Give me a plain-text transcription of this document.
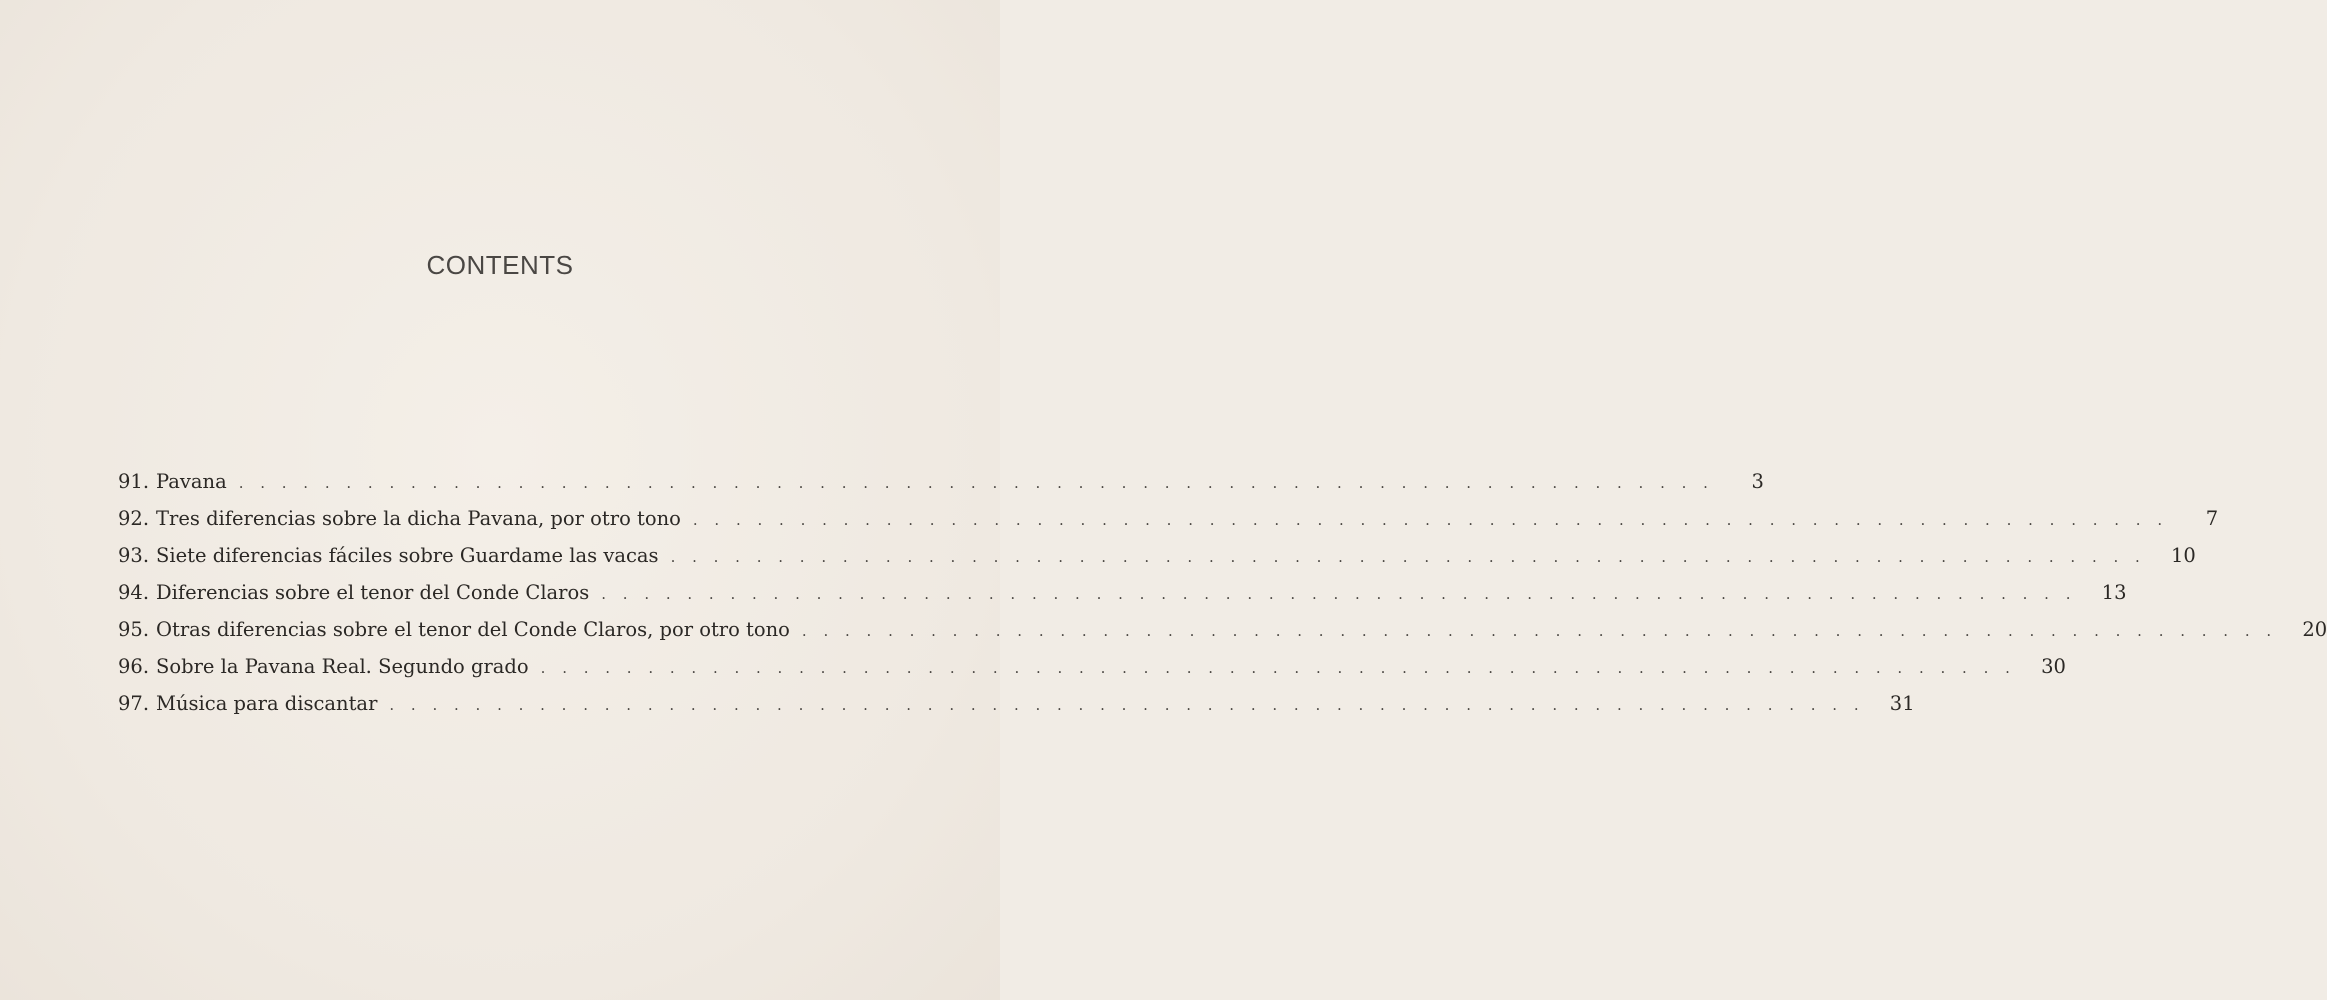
CONTENTS
91. Pavana . . . . . . . . . . . . . . . . . . . . . . . . . . . . . . . . . . . . . . . . . . . . . . . . . . . . . . . . . . . . . . . . . . . . .	3
92. Tres diferencias sobre la dicha Pavana, por otro tono . . . . . . . . . . . . . . . . . . . . . . . . . . . . . . . . . . . . . . . . . . . . . . . . . . . . . . . . . . . . . . . . . . . . .	7
93. Siete diferencias fáciles sobre Guardame las vacas . . . . . . . . . . . . . . . . . . . . . . . . . . . . . . . . . . . . . . . . . . . . . . . . . . . . . . . . . . . . . . . . . . . . .	10
94. Diferencias sobre el tenor del Conde Claros . . . . . . . . . . . . . . . . . . . . . . . . . . . . . . . . . . . . . . . . . . . . . . . . . . . . . . . . . . . . . . . . . . . . .	13
95. Otras diferencias sobre el tenor del Conde Claros, por otro tono . . . . . . . . . . . . . . . . . . . . . . . . . . . . . . . . . . . . . . . . . . . . . . . . . . . . . . . . . . . . . . . . . . . . .	20
96. Sobre la Pavana Real. Segundo grado . . . . . . . . . . . . . . . . . . . . . . . . . . . . . . . . . . . . . . . . . . . . . . . . . . . . . . . . . . . . . . . . . . . . .	30
97. Música para discantar . . . . . . . . . . . . . . . . . . . . . . . . . . . . . . . . . . . . . . . . . . . . . . . . . . . . . . . . . . . . . . . . . . . . .	31
